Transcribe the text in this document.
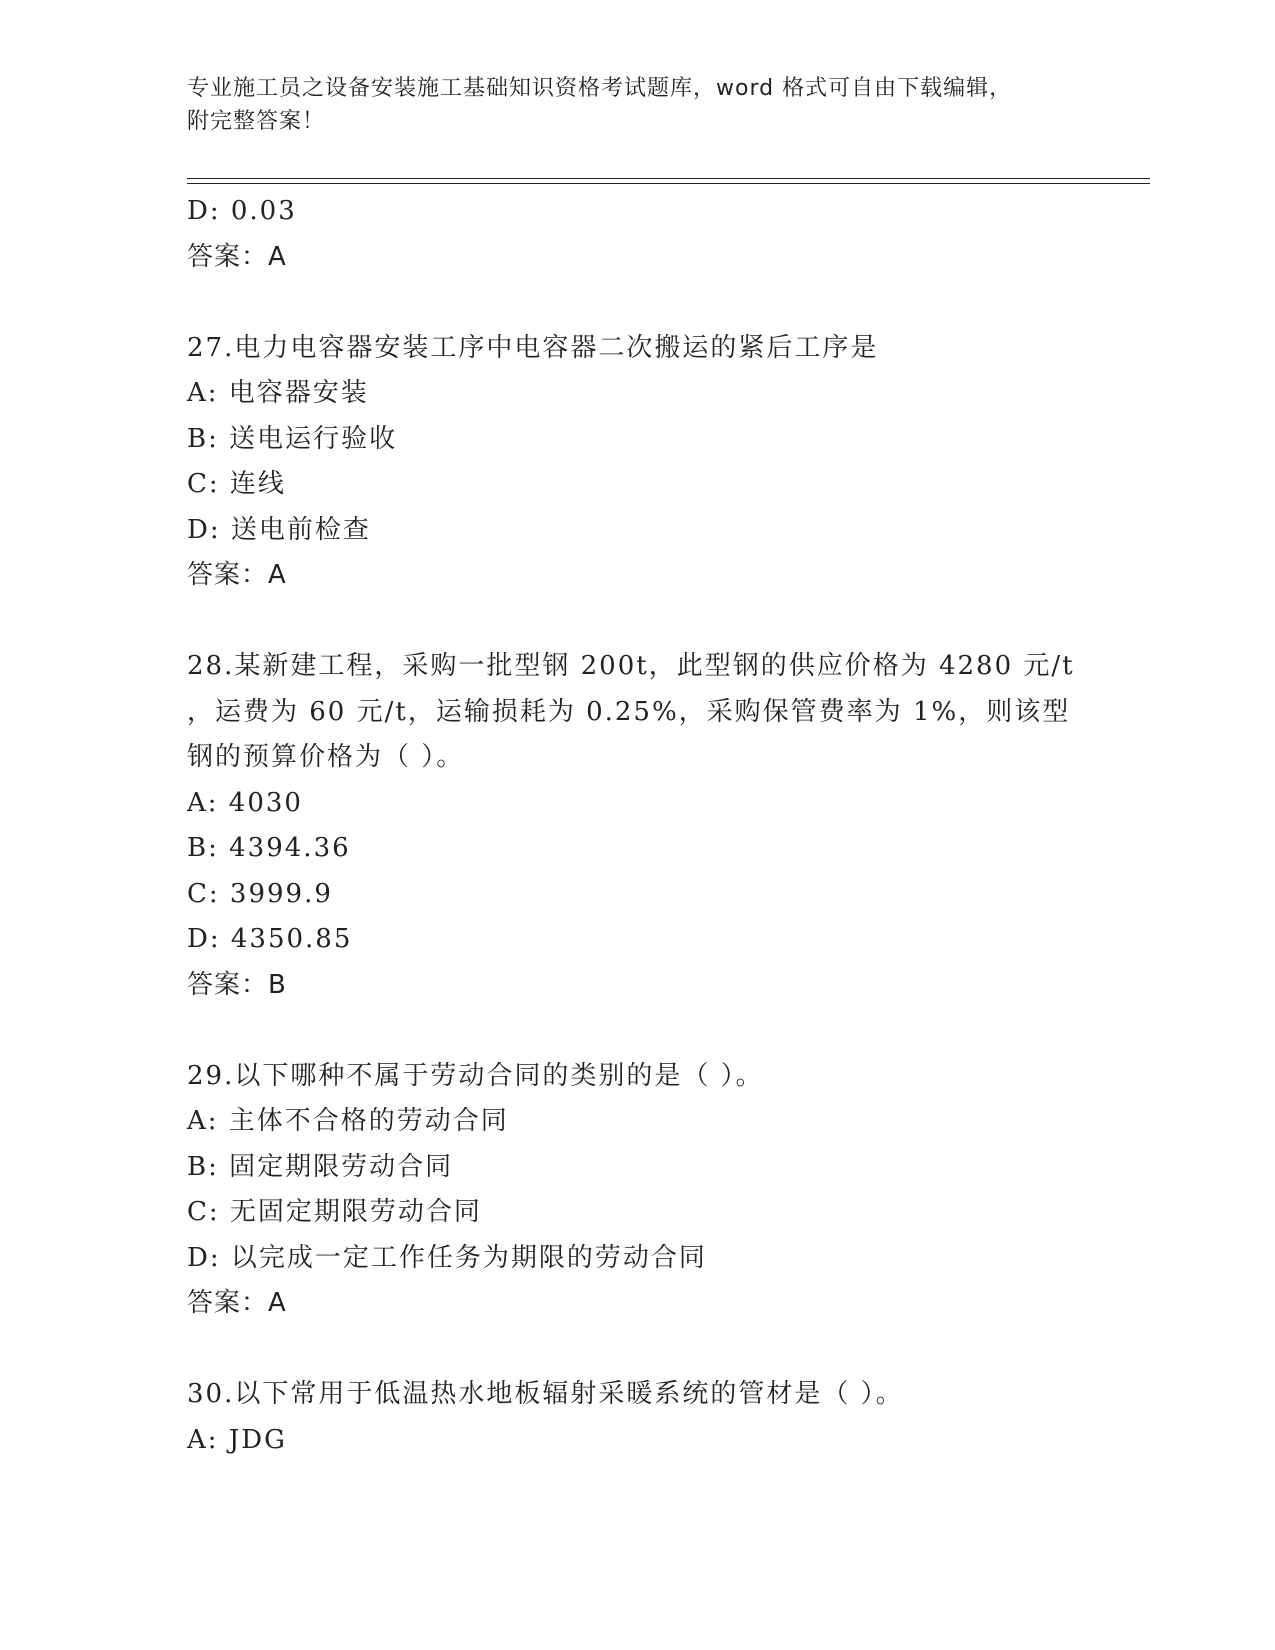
专业施工员之设备安装施工基础知识资格考试题库，word 格式可自由下载编辑，
附完整答案！
D: 0.03
答案：A
27.电力电容器安装工序中电容器二次搬运的紧后工序是
A: 电容器安装
B: 送电运行验收
C: 连线
D: 送电前检查
答案：A
28.某新建工程，采购一批型钢 200t，此型钢的供应价格为 4280 元/t
，运费为 60 元/t，运输损耗为 0.25%，采购保管费率为 1%，则该型
钢的预算价格为（ ）。
A: 4030
B: 4394.36
C: 3999.9
D: 4350.85
答案：B
29.以下哪种不属于劳动合同的类别的是（ ）。
A: 主体不合格的劳动合同
B: 固定期限劳动合同
C: 无固定期限劳动合同
D: 以完成一定工作任务为期限的劳动合同
答案：A
30.以下常用于低温热水地板辐射采暖系统的管材是（ ）。
A: JDG
